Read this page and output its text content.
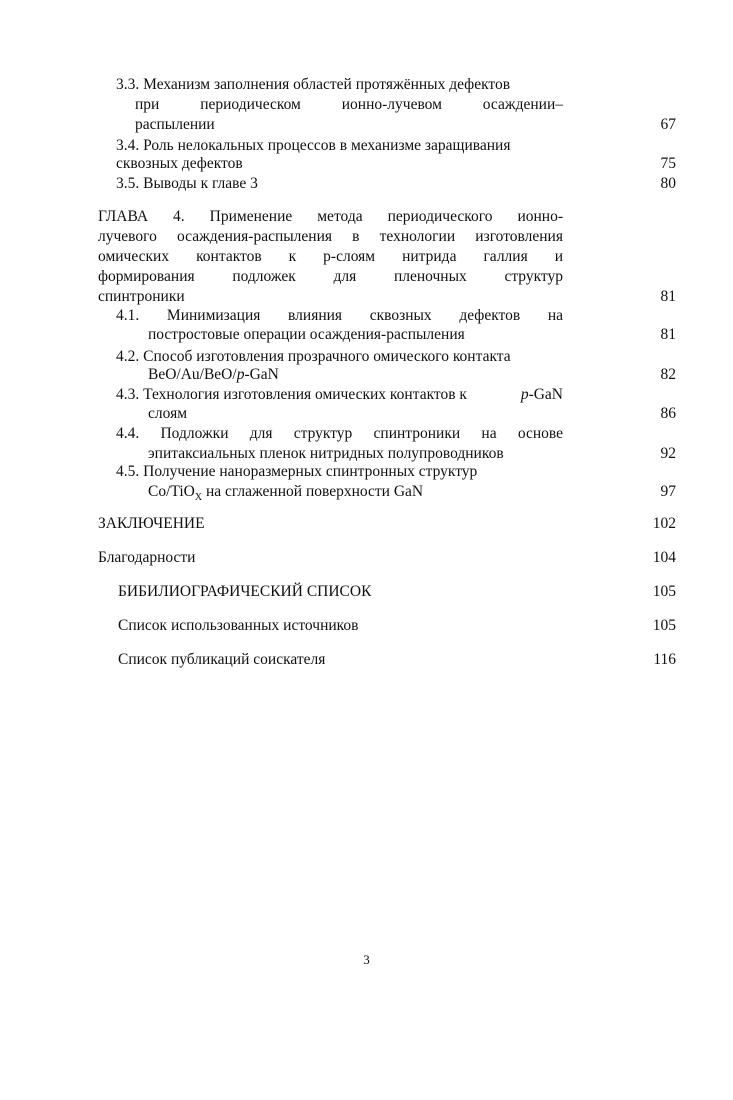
3.3. Механизм заполнения областей протяжённых дефектов
при периодическом ионно-лучевом осаждении–
распылении	67
3.4. Роль нелокальных процессов в механизме заращивания
сквозных дефектов	75
3.5. Выводы к главе 3	80
ГЛАВА 4. Применение метода периодического ионно-
лучевого осаждения-распыления в технологии изготовления
омических контактов к р-слоям нитрида галлия и
формирования подложек для пленочных структур
спинтроники	81
4.1. Минимизация влияния сквозных дефектов на
построcтовые операции осаждения-распыления	81
4.2. Способ изготовления прозрачного омического контакта
BeO/Au/BeO/p-GaN	82
4.3. Технология изготовления омических контактов к	p-GaN
слоям	86
4.4. Подложки для структур спинтроники на основе
эпитаксиальных пленок нитридных полупроводников	92
4.5. Получение наноразмерных спинтронных структур
Co/TiO$_X$ на сглаженной поверхности GaN	97
ЗАКЛЮЧЕНИЕ	102
Благодарности	104
БИБИЛИОГРАФИЧЕСКИЙ СПИСОК	105
Список использованных источников	105
Список публикаций соискателя	116
3
